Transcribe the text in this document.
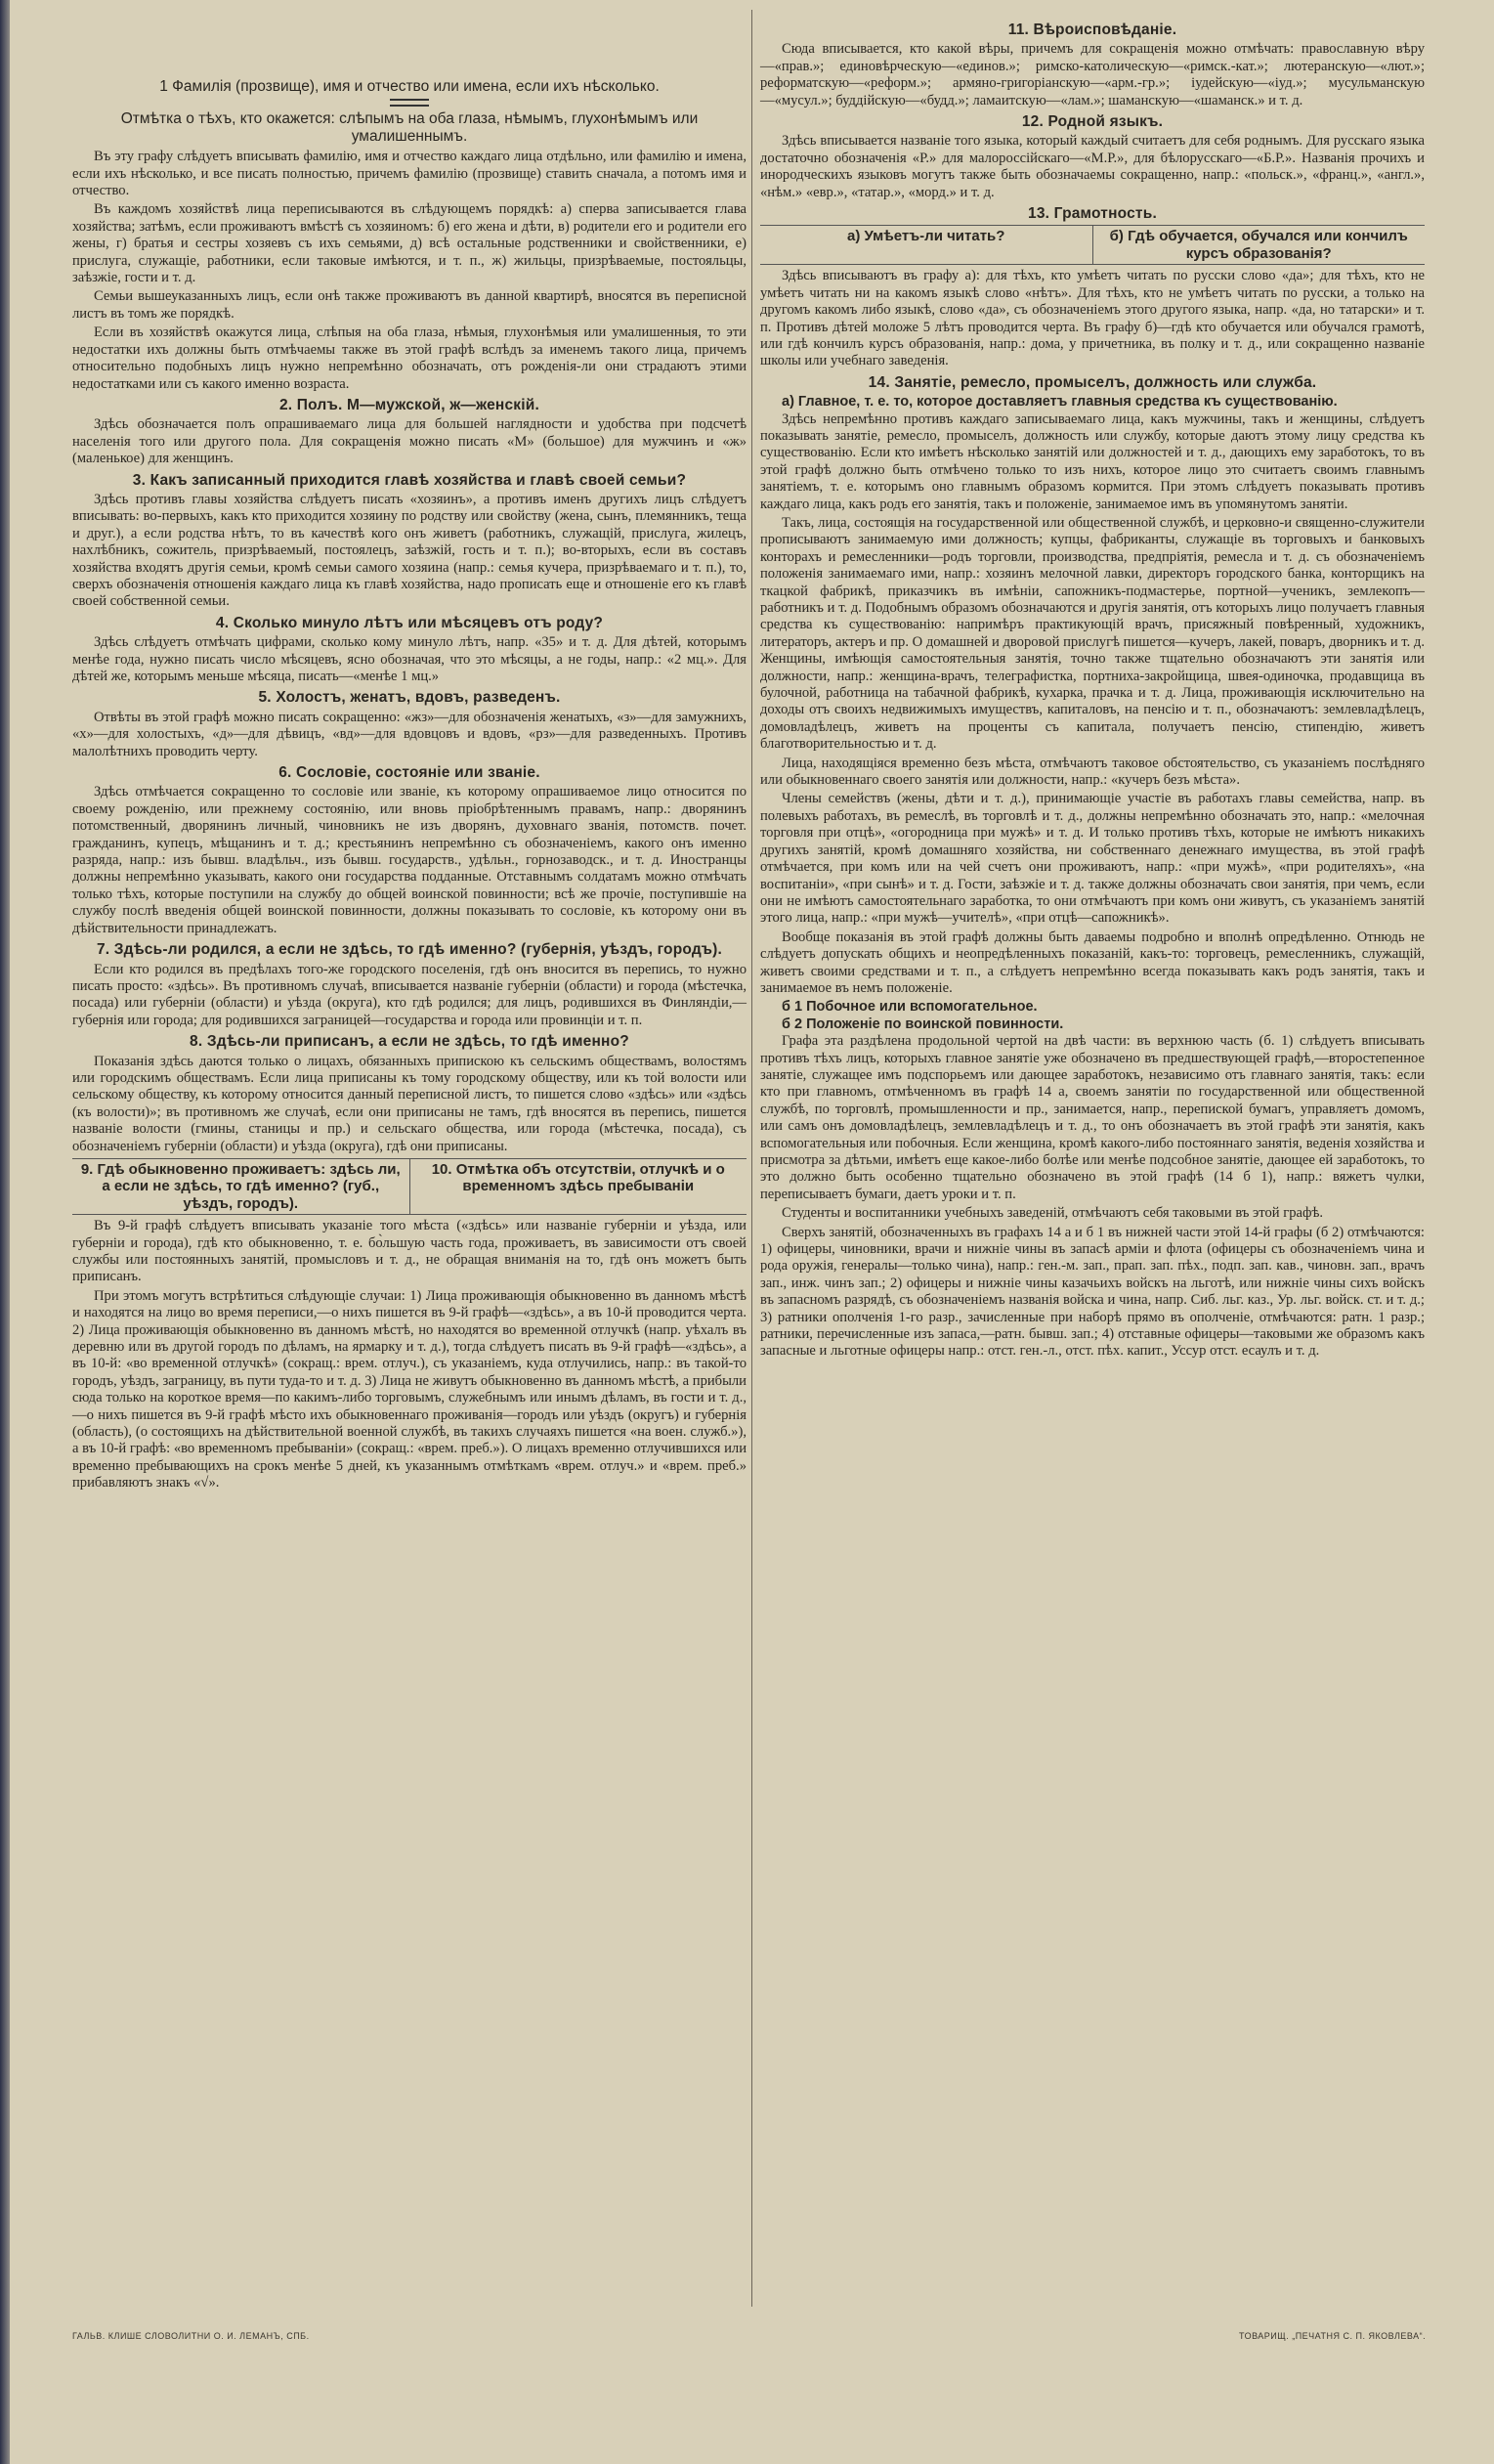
1 Фамилія (прозвище), имя и отчество или имена, если ихъ нѣсколько.
Отмѣтка о тѣхъ, кто окажется: слѣпымъ на оба глаза, нѣмымъ, глухонѣмымъ или умалишеннымъ.
Въ эту графу слѣдуетъ вписывать фамилію, имя и отчество каждаго лица отдѣльно, или фамилію и имена, если ихъ нѣсколько, и все писать полностью, причемъ фамилію (прозвище) ставить сначала, а потомъ имя и отчество.
Въ каждомъ хозяйствѣ лица переписываются въ слѣдующемъ порядкѣ: а) сперва записывается глава хозяйства; затѣмъ, если проживаютъ вмѣстѣ съ хозяиномъ: б) его жена и дѣти, в) родители его и родители его жены, г) братья и сестры хозяевъ съ ихъ семьями, д) всѣ остальные родственники и свойственники, е) прислуга, служащіе, работники, если таковые имѣются, и т. п., ж) жильцы, призрѣваемые, постояльцы, заѣзжіе, гости и т. д.
Семьи вышеуказанныхъ лицъ, если онѣ также проживаютъ въ данной квартирѣ, вносятся въ переписной листъ въ томъ же порядкѣ.
Если въ хозяйствѣ окажутся лица, слѣпыя на оба глаза, нѣмыя, глухонѣмыя или умалишенныя, то эти недостатки ихъ должны быть отмѣчаемы также въ этой графѣ вслѣдъ за именемъ такого лица, причемъ относительно подобныхъ лицъ нужно непремѣнно обозначать, отъ рожденія-ли они страдаютъ этими недостатками или съ какого именно возраста.
2. Полъ. М—мужской, ж—женскій.
Здѣсь обозначается полъ опрашиваемаго лица для большей наглядности и удобства при подсчетѣ населенія того или другого пола. Для сокращенія можно писать «М» (большое) для мужчинъ и «ж» (маленькое) для женщинъ.
3. Какъ записанный приходится главѣ хозяйства и главѣ своей семьи?
Здѣсь противъ главы хозяйства слѣдуетъ писать «хозяинъ», а противъ именъ другихъ лицъ слѣдуетъ вписывать: во-первыхъ, какъ кто приходится хозяину по родству или свойству (жена, сынъ, племянникъ, теща и друг.), а если родства нѣтъ, то въ качествѣ кого онъ живетъ (работникъ, служащій, прислуга, жилецъ, нахлѣбникъ, сожитель, призрѣваемый, постоялецъ, заѣзжій, гость и т. п.); во-вторыхъ, если въ составъ хозяйства входятъ другія семьи, кромѣ семьи самого хозяина (напр.: семья кучера, призрѣваемаго и т. п.), то, сверхъ обозначенія отношенія каждаго лица къ главѣ хозяйства, надо прописать еще и отношеніе его къ главѣ своей собственной семьи.
4. Сколько минуло лѣтъ или мѣсяцевъ отъ роду?
Здѣсь слѣдуетъ отмѣчать цифрами, сколько кому минуло лѣтъ, напр. «35» и т. д. Для дѣтей, которымъ менѣе года, нужно писать число мѣсяцевъ, ясно обозначая, что это мѣсяцы, а не годы, напр.: «2 мц.». Для дѣтей же, которымъ меньше мѣсяца, писать—«менѣе 1 мц.»
5. Холостъ, женатъ, вдовъ, разведенъ.
Отвѣты въ этой графѣ можно писать сокращенно: «жз»—для обозначенія женатыхъ, «з»—для замужнихъ, «х»—для холостыхъ, «д»—для дѣвицъ, «вд»—для вдовцовъ и вдовъ, «рз»—для разведенныхъ. Противъ малолѣтнихъ проводить черту.
6. Сословіе, состояніе или званіе.
Здѣсь отмѣчается сокращенно то сословіе или званіе, къ которому опрашиваемое лицо относится по своему рожденію, или прежнему состоянію, или вновь пріобрѣтеннымъ правамъ, напр.: дворянинъ потомственный, дворянинъ личный, чиновникъ не изъ дворянъ, духовнаго званія, потомств. почет. гражданинъ, купецъ, мѣщанинъ и т. д.; крестьянинъ непремѣнно съ обозначеніемъ, какого онъ именно разряда, напр.: изъ бывш. владѣльч., изъ бывш. государств., удѣльн., горнозаводск., и т. д. Иностранцы должны непремѣнно указывать, какого они государства подданные. Отставнымъ солдатамъ можно отмѣчать только тѣхъ, которые поступили на службу до общей воинской повинности; всѣ же прочіе, поступившіе на службу послѣ введенія общей воинской повинности, должны показывать то сословіе, къ которому они въ дѣйствительности принадлежатъ.
7. Здѣсь-ли родился, а если не здѣсь, то гдѣ именно? (губернія, уѣздъ, городъ).
Если кто родился въ предѣлахъ того-же городского поселенія, гдѣ онъ вносится въ перепись, то нужно писать просто: «здѣсь». Въ противномъ случаѣ, вписывается названіе губерніи (области) и города (мѣстечка, посада) или губерніи (области) и уѣзда (округа), кто гдѣ родился; для лицъ, родившихся въ Финляндіи,—губернія или города; для родившихся заграницей—государства и города или провинціи и т. п.
8. Здѣсь-ли приписанъ, а если не здѣсь, то гдѣ именно?
Показанія здѣсь даются только о лицахъ, обязанныхъ припискою къ сельскимъ обществамъ, волостямъ или городскимъ обществамъ. Если лица приписаны къ тому городскому обществу, или къ той волости или сельскому обществу, къ которому относится данный переписной листъ, то пишется слово «здѣсь» или «здѣсь (къ волости)»; въ противномъ же случаѣ, если они приписаны не тамъ, гдѣ вносятся въ перепись, пишется названіе волости (гмины, станицы и пр.) и сельскаго общества, или города (мѣстечка, посада), съ обозначеніемъ губерніи (области) и уѣзда (округа), гдѣ они приписаны.
9. Гдѣ обыкновенно проживаетъ: здѣсь ли, а если не здѣсь, то гдѣ именно? (губ., уѣздъ, городъ).
10. Отмѣтка объ отсутствіи, отлучкѣ и о временномъ здѣсь пребываніи
Въ 9-й графѣ слѣдуетъ вписывать указаніе того мѣста («здѣсь» или названіе губерніи и уѣзда, или губерніи и города), гдѣ кто обыкновенно, т. е. бо̀льшую часть года, проживаетъ, въ зависимости отъ своей службы или постоянныхъ занятій, промысловъ и т. д., не обращая вниманія на то, гдѣ онъ можетъ быть приписанъ.
При этомъ могутъ встрѣтиться слѣдующіе случаи: 1) Лица проживающія обыкновенно въ данномъ мѣстѣ и находятся на лицо во время переписи,—о нихъ пишется въ 9-й графѣ—«здѣсь», а въ 10-й проводится черта. 2) Лица проживающія обыкновенно въ данномъ мѣстѣ, но находятся во временной отлучкѣ (напр. уѣхалъ въ деревню или въ другой городъ по дѣламъ, на ярмарку и т. д.), тогда слѣдуетъ писать въ 9-й графѣ—«здѣсь», а въ 10-й: «во временной отлучкѣ» (сокращ.: врем. отлуч.), съ указаніемъ, куда отлучились, напр.: въ такой-то городъ, уѣздъ, заграницу, въ пути туда-то и т. д. 3) Лица не живутъ обыкновенно въ данномъ мѣстѣ, а прибыли сюда только на короткое время—по какимъ-либо торговымъ, служебнымъ или инымъ дѣламъ, въ гости и т. д.,—о нихъ пишется въ 9-й графѣ мѣсто ихъ обыкновеннаго проживанія—городъ или уѣздъ (округъ) и губернія (область), (о состоящихъ на дѣйствительной военной службѣ, въ такихъ случаяхъ пишется «на воен. служб.»), а въ 10-й графѣ: «во временномъ пребываніи» (сокращ.: «врем. преб.»). О лицахъ временно отлучившихся или временно пребывающихъ на срокъ менѣе 5 дней, къ указаннымъ отмѣткамъ «врем. отлуч.» и «врем. преб.» прибавляютъ знакъ «√».
11. Вѣроисповѣданіе.
Сюда вписывается, кто какой вѣры, причемъ для сокращенія можно отмѣчать: православную вѣру—«прав.»; единовѣрческую—«единов.»; римско-католическую—«римск.-кат.»; лютеранскую—«лют.»; реформатскую—«реформ.»; армяно-григоріанскую—«арм.-гр.»; іудейскую—«іуд.»; мусульманскую—«мусул.»; буддійскую—«будд.»; ламаитскую—«лам.»; шаманскую—«шаманск.» и т. д.
12. Родной языкъ.
Здѣсь вписывается названіе того языка, который каждый считаетъ для себя роднымъ. Для русскаго языка достаточно обозначенія «Р.» для малороссійскаго—«М.Р.», для бѣлорусскаго—«Б.Р.». Названія прочихъ и инородческихъ языковъ могутъ также быть обозначаемы сокращенно, напр.: «польск.», «франц.», «англ.», «нѣм.» «евр.», «татар.», «морд.» и т. д.
13. Грамотность.
а) Умѣетъ-ли читать?	б) Гдѣ обучается, обучался или кончилъ курсъ образованія?
Здѣсь вписываютъ въ графу а): для тѣхъ, кто умѣетъ читать по русски слово «да»; для тѣхъ, кто не умѣетъ читать ни на какомъ языкѣ слово «нѣтъ». Для тѣхъ, кто не умѣетъ читать по русски, а только на другомъ какомъ либо языкѣ, слово «да», съ обозначеніемъ этого другого языка, напр. «да, но татарски» и т. п. Противъ дѣтей моложе 5 лѣтъ проводится черта. Въ графу б)—гдѣ кто обучается или обучался грамотѣ, или гдѣ кончилъ курсъ образованія, напр.: дома, у причетника, въ полку и т. д., или сокращенно названіе школы или учебнаго заведенія.
14. Занятіе, ремесло, промыселъ, должность или служба.
а) Главное, т. е. то, которое доставляетъ главныя средства къ существованію.
Здѣсь непремѣнно противъ каждаго записываемаго лица, какъ мужчины, такъ и женщины, слѣдуетъ показывать занятіе, ремесло, промыселъ, должность или службу, которые даютъ этому лицу средства къ существованію. Если кто имѣетъ нѣсколько занятій или должностей и т. д., дающихъ ему заработокъ, то въ этой графѣ должно быть отмѣчено только то изъ нихъ, которое лицо это считаетъ своимъ главнымъ занятіемъ, т. е. которымъ оно главнымъ образомъ кормится. При этомъ слѣдуетъ показывать противъ каждаго лица, какъ родъ его занятія, такъ и положеніе, занимаемое имъ въ упомянутомъ занятіи.
Такъ, лица, состоящія на государственной или общественной службѣ, и церковно-и священно-служители прописываютъ занимаемую ими должность; купцы, фабриканты, служащіе въ торговыхъ и банковыхъ конторахъ и ремесленники—родъ торговли, производства, предпріятія, ремесла и т. д. съ обозначеніемъ положенія занимаемаго ими, напр.: хозяинъ мелочной лавки, директоръ городского банка, конторщикъ на ткацкой фабрикѣ, приказчикъ въ имѣніи, сапожникъ-подмастерье, портной—ученикъ, землекопъ—работникъ и т. д. Подобнымъ образомъ обозначаются и другія занятія, отъ которыхъ лицо получаетъ главныя средства къ существованію: напримѣръ практикующій врачъ, присяжный повѣренный, художникъ, литераторъ, актеръ и пр. О домашней и дворовой прислугѣ пишется—кучеръ, лакей, поваръ, дворникъ и т. д. Женщины, имѣющія самостоятельныя занятія, точно также тщательно обозначаютъ эти занятія или должности, напр.: женщина-врачъ, телеграфистка, портниха-закройщица, швея-одиночка, продавщица въ булочной, работница на табачной фабрикѣ, кухарка, прачка и т. д. Лица, проживающія исключительно на доходы отъ своихъ недвижимыхъ имуществъ, капиталовъ, на пенсію и т. п., обозначаютъ: землевладѣлецъ, домовладѣлецъ, живетъ на проценты съ капитала, получаетъ пенсію, стипендію, живетъ благотворительностью и т. д.
Лица, находящіяся временно безъ мѣста, отмѣчаютъ таковое обстоятельство, съ указаніемъ послѣдняго или обыкновеннаго своего занятія или должности, напр.: «кучеръ безъ мѣста».
Члены семействъ (жены, дѣти и т. д.), принимающіе участіе въ работахъ главы семейства, напр. въ полевыхъ работахъ, въ ремеслѣ, въ торговлѣ и т. д., должны непремѣнно обозначать это, напр.: «мелочная торговля при отцѣ», «огородница при мужѣ» и т. д. И только противъ тѣхъ, которые не имѣютъ никакихъ другихъ занятій, кромѣ домашняго хозяйства, ни собственнаго денежнаго имущества, въ этой графѣ отмѣчается, при комъ или на чей счетъ они проживаютъ, напр.: «при мужѣ», «при родителяхъ», «на воспитаніи», «при сынѣ» и т. д. Гости, заѣзжіе и т. д. также должны обозначать свои занятія, при чемъ, если они не имѣютъ самостоятельнаго заработка, то они отмѣчаютъ при комъ они живутъ, съ указаніемъ занятій этого лица, напр.: «при мужѣ—учителѣ», «при отцѣ—сапожникѣ».
Вообще показанія въ этой графѣ должны быть даваемы подробно и вполнѣ опредѣленно. Отнюдь не слѣдуетъ допускать общихъ и неопредѣленныхъ показаній, какъ-то: торговецъ, ремесленникъ, служащій, живетъ своими средствами и т. п., а слѣдуетъ непремѣнно всегда показывать какъ родъ занятія, такъ и занимаемое въ немъ положеніе.
б 1 Побочное или вспомогательное.
б 2 Положеніе по воинской повинности.
Графа эта раздѣлена продольной чертой на двѣ части: въ верхнюю часть (б. 1) слѣдуетъ вписывать противъ тѣхъ лицъ, которыхъ главное занятіе уже обозначено въ предшествующей графѣ,—второстепенное занятіе, служащее имъ подспорьемъ или дающее заработокъ, независимо отъ главнаго занятія, такъ: если кто при главномъ, отмѣченномъ въ графѣ 14 а, своемъ занятіи по государственной или общественной службѣ, по торговлѣ, промышленности и пр., занимается, напр., перепиской бумагъ, управляетъ домомъ, или самъ онъ домовладѣлецъ, землевладѣлецъ и т. д., то онъ обозначаетъ въ этой графѣ эти занятія, какъ вспомогательныя или побочныя. Если женщина, кромѣ какого-либо постояннаго занятія, веденія хозяйства и присмотра за дѣтьми, имѣетъ еще какое-либо болѣе или менѣе подсобное занятіе, дающее ей заработокъ, то это должно быть особенно тщательно обозначено въ этой графѣ (14 б 1), напр.: вяжетъ чулки, переписываетъ бумаги, даетъ уроки и т. п.
Студенты и воспитанники учебныхъ заведеній, отмѣчаютъ себя таковыми въ этой графѣ.
Сверхъ занятій, обозначенныхъ въ графахъ 14 а и б 1 въ нижней части этой 14-й графы (б 2) отмѣчаются: 1) офицеры, чиновники, врачи и нижніе чины въ запасѣ арміи и флота (офицеры съ обозначеніемъ чина и рода оружія, генералы—только чина), напр.: ген.-м. зап., прап. зап. пѣх., подп. зап. кав., чиновн. зап., врачъ зап., инж. чинъ зап.; 2) офицеры и нижніе чины казачьихъ войскъ на льготѣ, или нижніе чины сихъ войскъ въ запасномъ разрядѣ, съ обозначеніемъ названія войска и чина, напр. Сиб. льг. каз., Ур. льг. войск. ст. и т. д.; 3) ратники ополченія 1-го разр., зачисленные при наборѣ прямо въ ополченіе, отмѣчаются: ратн. 1 разр.; ратники, перечисленные изъ запаса,—ратн. бывш. зап.; 4) отставные офицеры—таковыми же образомъ какъ запасные и льготные офицеры напр.: отст. ген.-л., отст. пѣх. капит., Уссур отст. есаулъ и т. д.
ГАЛЬВ. КЛИШЕ СЛОВОЛИТНИ О. И. ЛЕМАНЪ, СПБ.	ТОВАРИЩ. „ПЕЧАТНЯ С. П. ЯКОВЛЕВА“.
